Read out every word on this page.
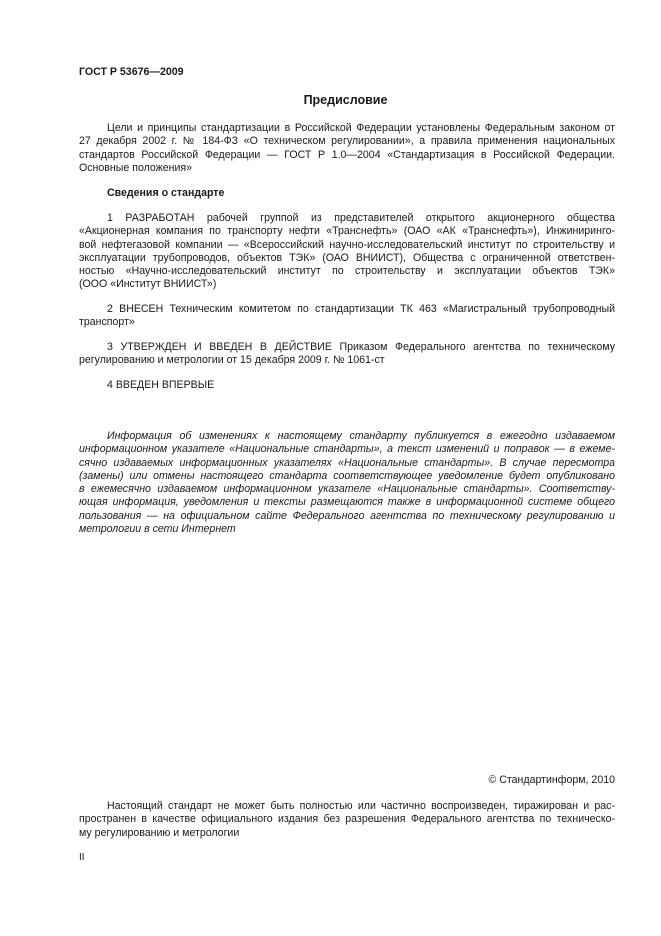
ГОСТ Р 53676—2009
Предисловие
Цели и принципы стандартизации в Российской Федерации установлены Федеральным законом от
27 декабря 2002 г. № 184-ФЗ «О техническом регулировании», а правила применения национальных
стандартов Российской Федерации — ГОСТ Р 1.0—2004 «Стандартизация в Российской Федерации.
Основные положения»
Сведения о стандарте
1 РАЗРАБОТАН рабочей группой из представителей открытого акционерного общества
«Акционерная компания по транспорту нефти «Транснефть» (ОАО «АК «Транснефть»), Инжиниринго-
вой нефтегазовой компании — «Всероссийский научно-исследовательский институт по строительству и
эксплуатации трубопроводов, объектов ТЭК» (ОАО ВНИИСТ), Общества с ограниченной ответствен-
ностью «Научно-исследовательский институт по строительству и эксплуатации объектов ТЭК»
(ООО «Институт ВНИИСТ»)
2 ВНЕСЕН Техническим комитетом по стандартизации ТК 463 «Магистральный трубопроводный
транспорт»
3 УТВЕРЖДЕН И ВВЕДЕН В ДЕЙСТВИЕ Приказом Федерального агентства по техническому
регулированию и метрологии от 15 декабря 2009 г. № 1061-ст
4 ВВЕДЕН ВПЕРВЫЕ
Информация об изменениях к настоящему стандарту публикуется в ежегодно издаваемом
информационном указателе «Национальные стандарты», а текст изменений и поправок — в ежеме-
сячно издаваемых информационных указателях «Национальные стандарты». В случае пересмотра
(замены) или отмены настоящего стандарта соответствующее уведомление будет опубликовано
в ежемесячно издаваемом информационном указателе «Национальные стандарты». Соответству-
ющая информация, уведомления и тексты размещаются также в информационной системе общего
пользования — на официальном сайте Федерального агентства по техническому регулированию и
метрологии в сети Интернет
© Стандартинформ, 2010
Настоящий стандарт не может быть полностью или частично воспроизведен, тиражирован и рас-
пространен в качестве официального издания без разрешения Федерального агентства по техническо-
му регулированию и метрологии
II
